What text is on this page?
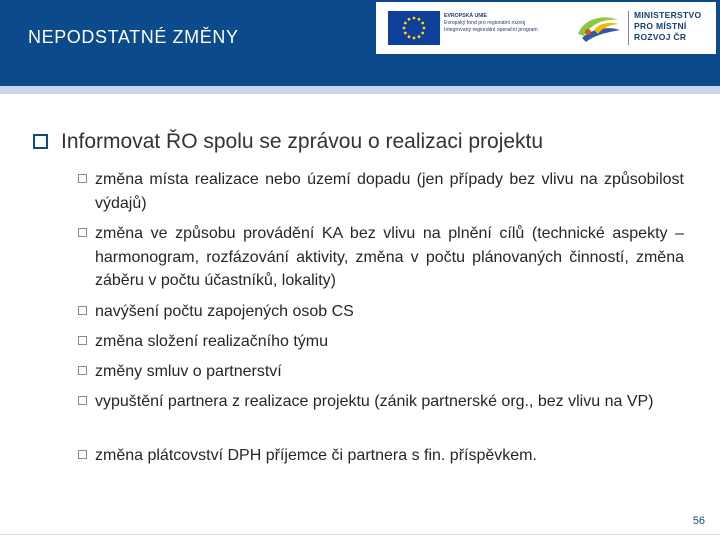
NEPODSTATNÉ ZMĚNY
EVROPSKÁ UNIE
Evropský fond pro regionální rozvoj
Integrovaný regionální operační program
MINISTERSTVO
PRO MÍSTNÍ
ROZVOJ ČR
Informovat ŘO spolu se zprávou o realizaci projektu
změna místa realizace nebo území dopadu (jen případy bez vlivu na způsobilost výdajů)
změna ve způsobu provádění KA bez vlivu na plnění cílů (technické aspekty – harmonogram, rozfázování aktivity, změna v počtu plánovaných činností, změna záběru v počtu účastníků, lokality)
navýšení počtu zapojených osob CS
změna složení realizačního týmu
změny smluv o partnerství
vypuštění partnera z realizace projektu (zánik partnerské org., bez vlivu na VP)
změna plátcovství DPH příjemce či partnera s fin. příspěvkem.
56
